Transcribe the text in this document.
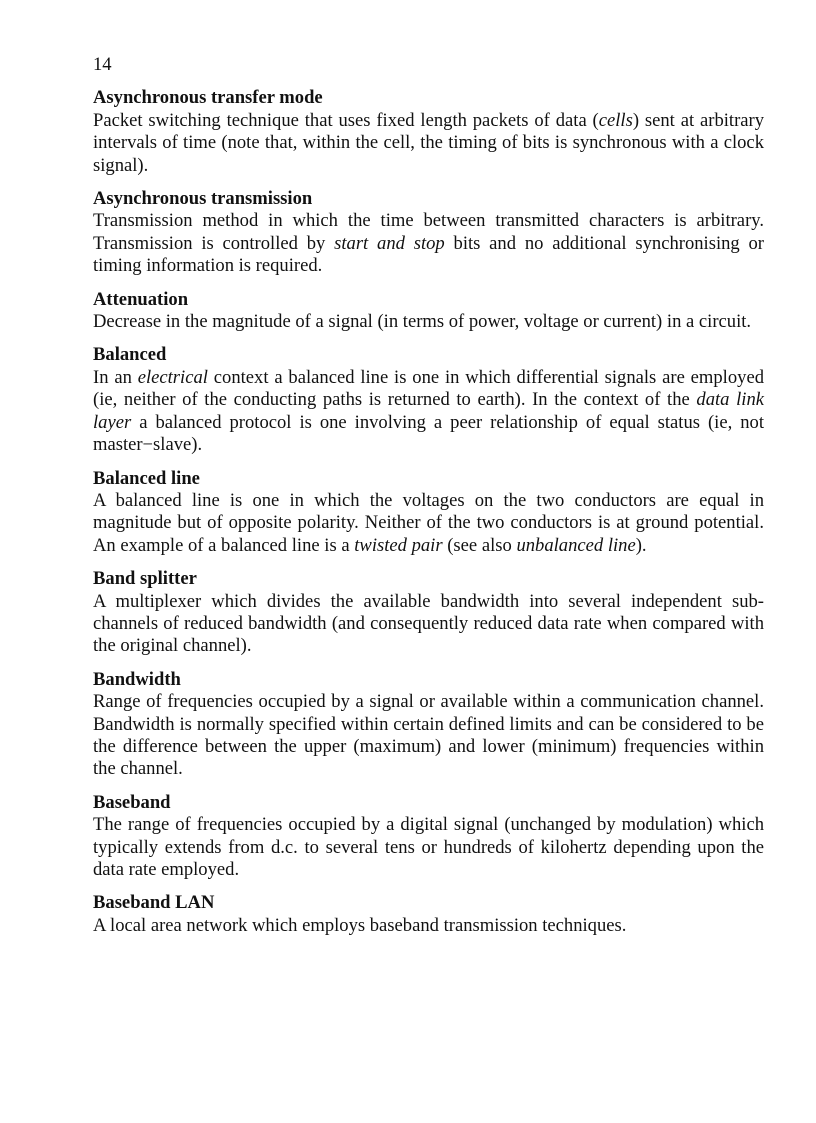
14
Asynchronous transfer mode

Packet switching technique that uses fixed length packets of data (cells) sent at arbitrary intervals of time (note that, within the cell, the timing of bits is synchronous with a clock signal).

Asynchronous transmission

Transmission method in which the time between transmitted characters is arbitrary. Transmission is controlled by start and stop bits and no additional synchronising or timing information is required.

Attenuation

Decrease in the magnitude of a signal (in terms of power, voltage or current) in a circuit.

Balanced

In an electrical context a balanced line is one in which differential signals are employed (ie, neither of the conducting paths is returned to earth). In the context of the data link layer a balanced protocol is one involving a peer relationship of equal status (ie, not master−slave).

Balanced line

A balanced line is one in which the voltages on the two conductors are equal in magnitude but of opposite polarity. Neither of the two conductors is at ground potential. An example of a balanced line is a twisted pair (see also unbalanced line).

Band splitter

A multiplexer which divides the available bandwidth into several independent sub-channels of reduced bandwidth (and consequently reduced data rate when compared with the original channel).

Bandwidth

Range of frequencies occupied by a signal or available within a communication channel. Bandwidth is normally specified within certain defined limits and can be considered to be the difference between the upper (maximum) and lower (minimum) frequencies within the channel.

Baseband

The range of frequencies occupied by a digital signal (unchanged by modulation) which typically extends from d.c. to several tens or hundreds of kilohertz depending upon the data rate employed.

Baseband LAN

A local area network which employs baseband transmission techniques.
